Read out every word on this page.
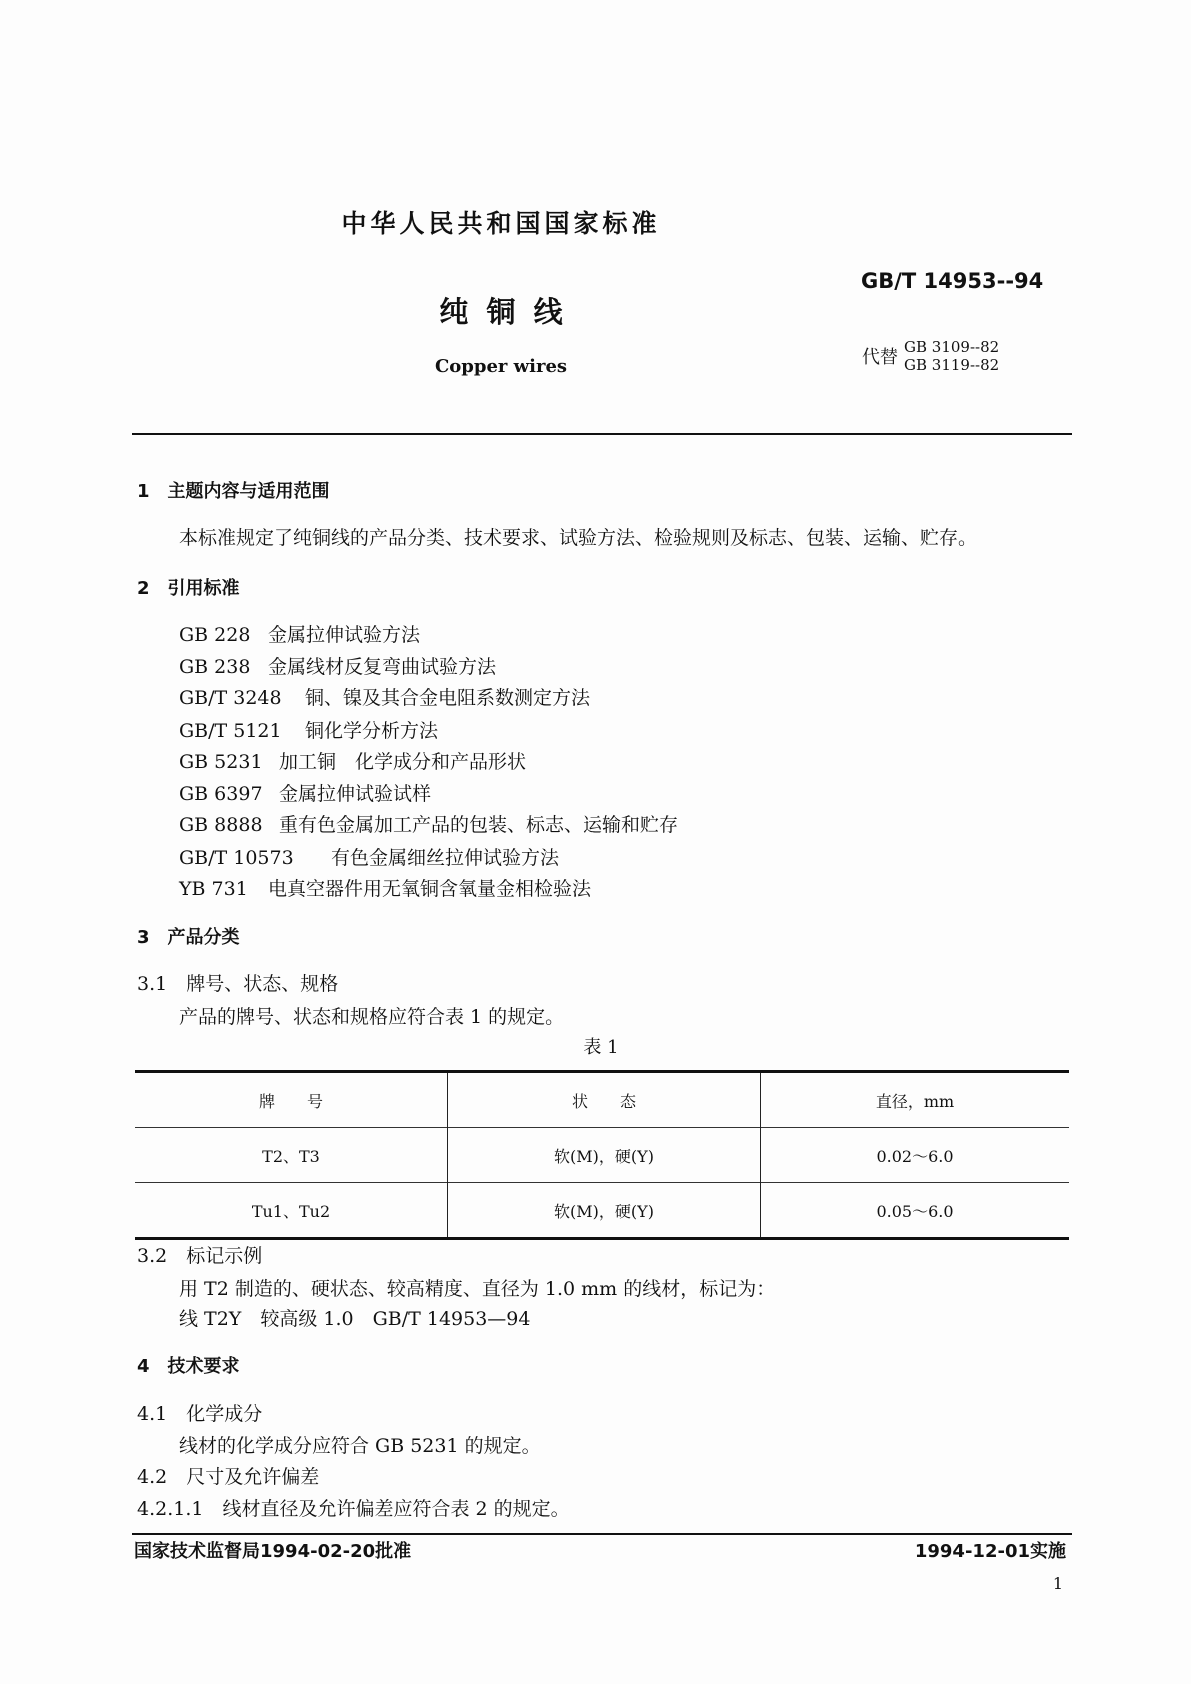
中华人民共和国国家标准
GB/T 14953--94
纯 铜 线
Copper wires	代替 GB 3109--82
GB 3119--82
1　主题内容与适用范围
本标准规定了纯铜线的产品分类、技术要求、试验方法、检验规则及标志、包装、运输、贮存。
2　引用标准
GB 228 金属拉伸试验方法
GB 238 金属线材反复弯曲试验方法
GB/T 3248 铜、镍及其合金电阻系数测定方法
GB/T 5121 铜化学分析方法
GB 5231 加工铜　化学成分和产品形状
GB 6397 金属拉伸试验试样
GB 8888 重有色金属加工产品的包装、标志、运输和贮存
GB/T 10573 有色金属细丝拉伸试验方法
YB 731 电真空器件用无氧铜含氧量金相检验法
3　产品分类
3.1　牌号、状态、规格
产品的牌号、状态和规格应符合表 1 的规定。
表 1
牌　　号	状　　态	直径，mm
T2、T3	软(M)，硬(Y)	0.02～6.0
Tu1、Tu2	软(M)，硬(Y)	0.05～6.0
3.2　标记示例
用 T2 制造的、硬状态、较高精度、直径为 1.0 mm 的线材，标记为：
线 T2Y　较高级 1.0　GB/T 14953—94
4　技术要求
4.1　化学成分
线材的化学成分应符合 GB 5231 的规定。
4.2　尺寸及允许偏差
4.2.1.1　线材直径及允许偏差应符合表 2 的规定。
国家技术监督局1994-02-20批准	1994-12-01实施
1
